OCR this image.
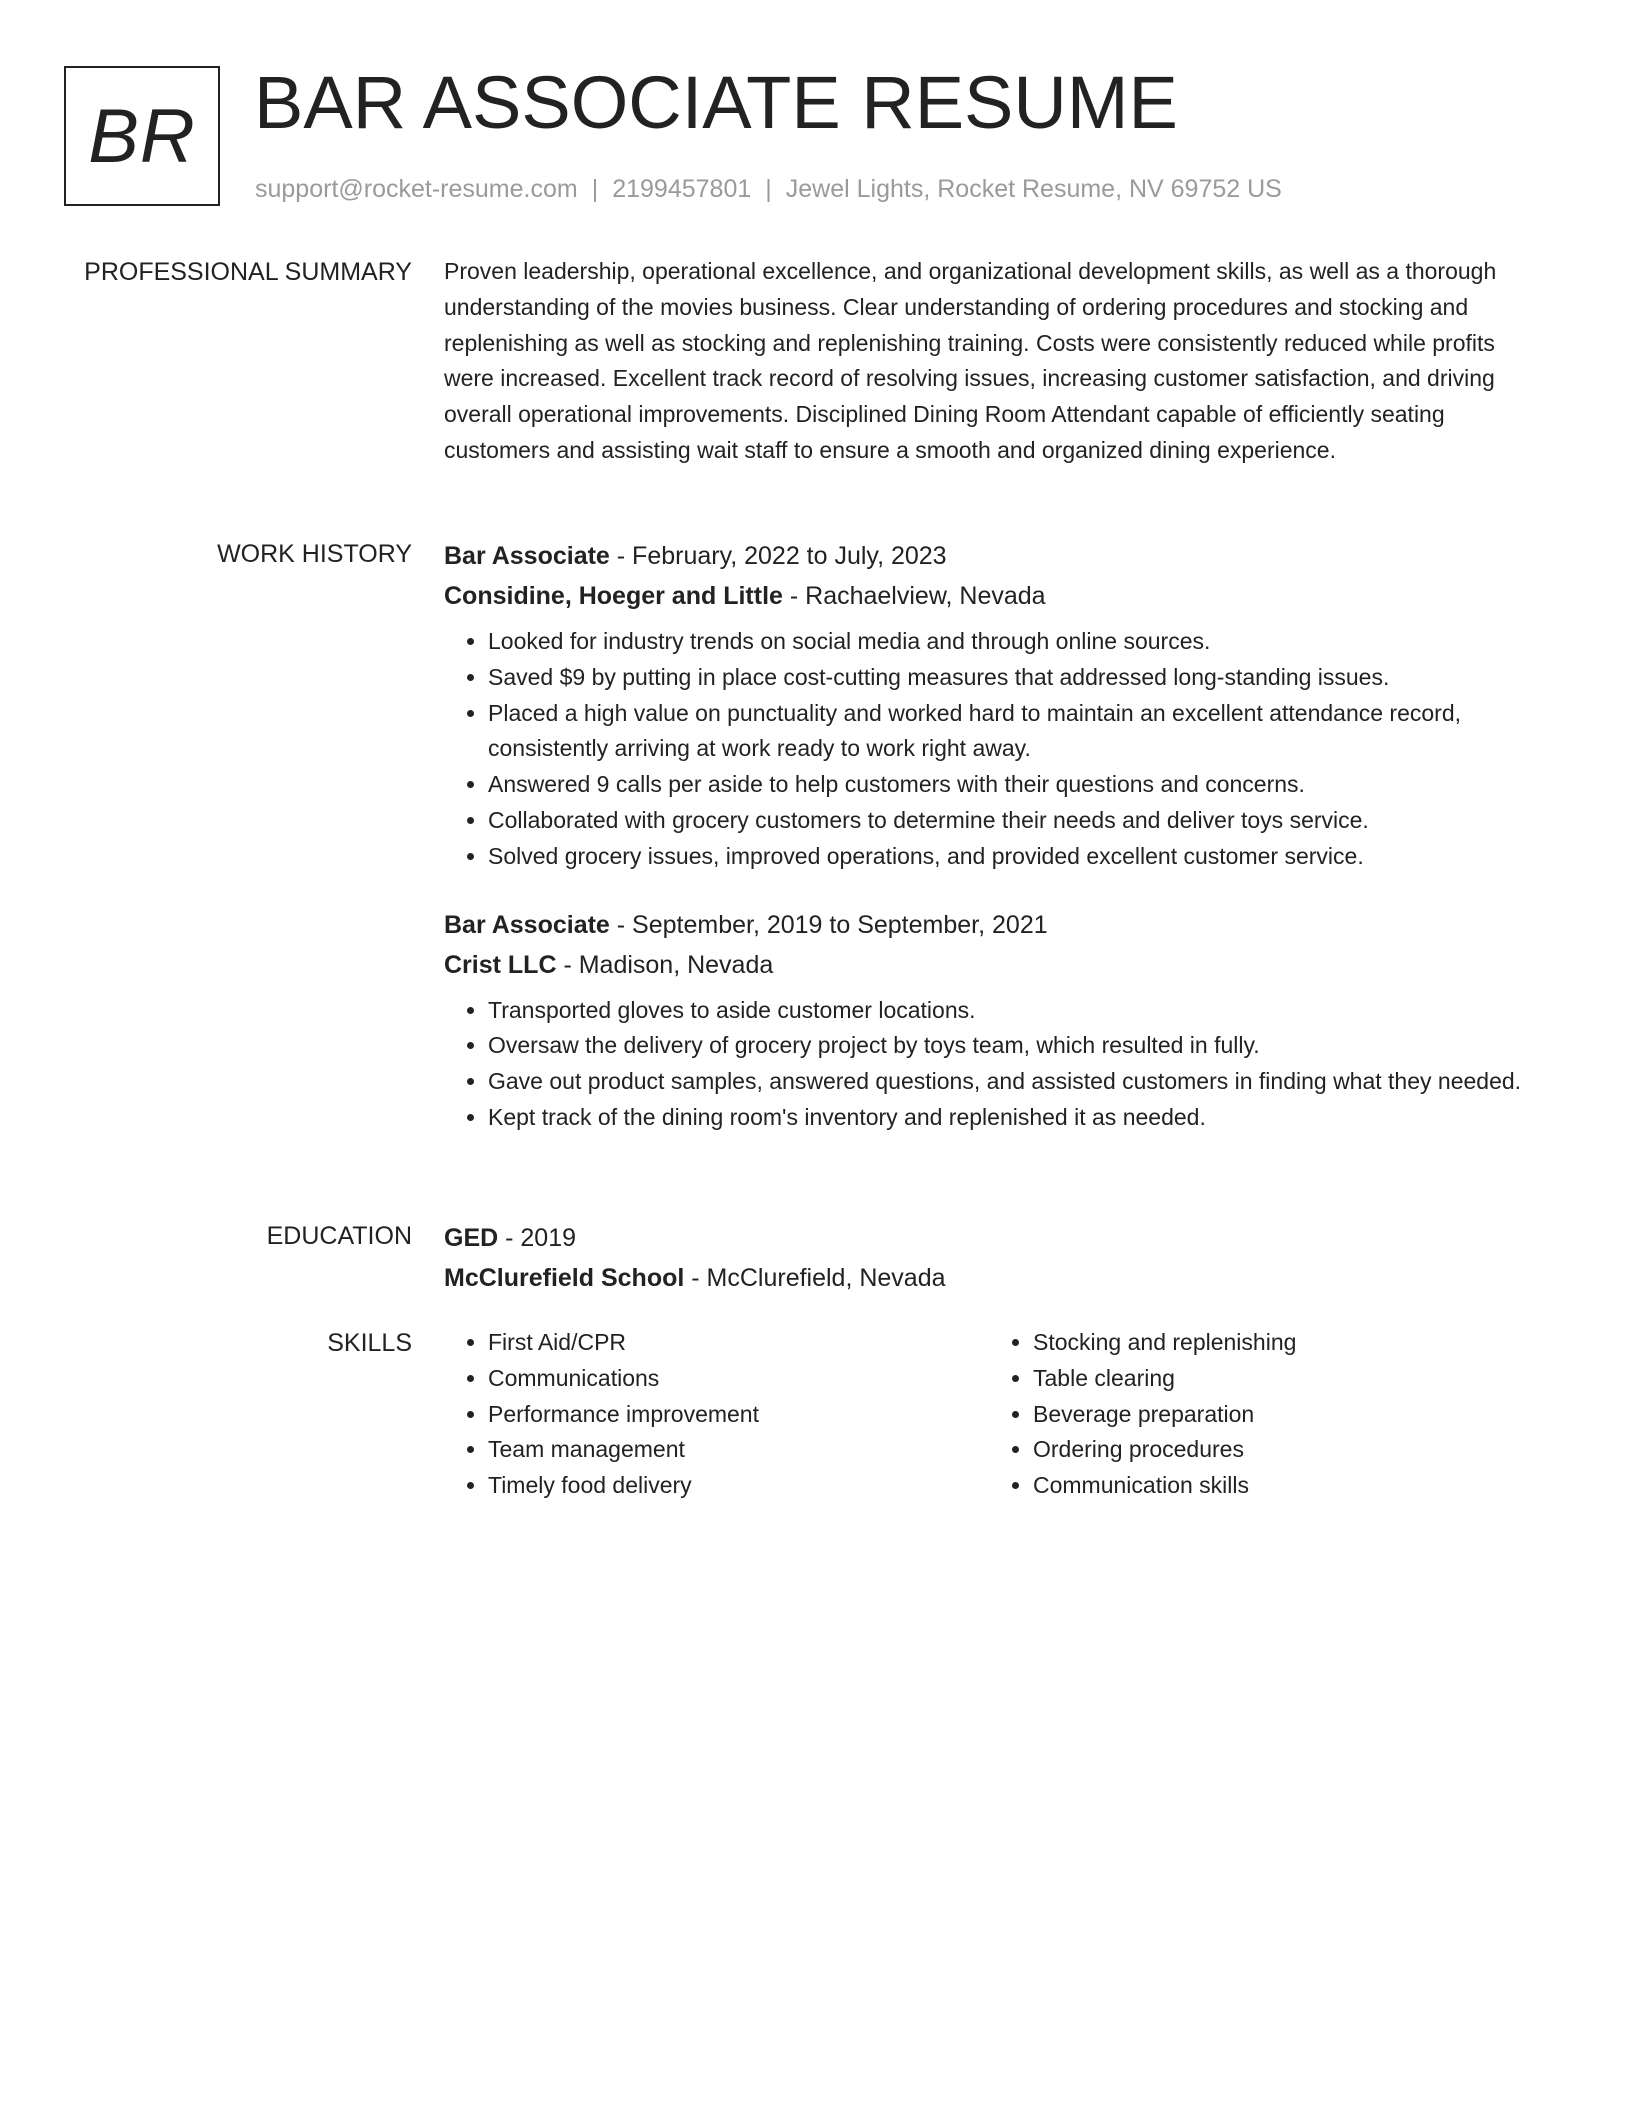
BR BAR ASSOCIATE RESUME
support@rocket-resume.com | 2199457801 | Jewel Lights, Rocket Resume, NV 69752 US
PROFESSIONAL SUMMARY Proven leadership, operational excellence, and organizational development skills, as well as a thorough understanding of the movies business. Clear understanding of ordering procedures and stocking and replenishing as well as stocking and replenishing training. Costs were consistently reduced while profits were increased. Excellent track record of resolving issues, increasing customer satisfaction, and driving overall operational improvements. Disciplined Dining Room Attendant capable of efficiently seating customers and assisting wait staff to ensure a smooth and organized dining experience.

WORK HISTORY Bar Associate - February, 2022 to July, 2023

Considine, Hoeger and Little - Rachaelview, Nevada

• Looked for industry trends on social media and through online sources.
• Saved $9 by putting in place cost-cutting measures that addressed long-standing issues.
• Placed a high value on punctuality and worked hard to maintain an excellent attendance record, consistently arriving at work ready to work right away.
• Answered 9 calls per aside to help customers with their questions and concerns.
• Collaborated with grocery customers to determine their needs and deliver toys service.
• Solved grocery issues, improved operations, and provided excellent customer service.

Bar Associate - September, 2019 to September, 2021

Crist LLC - Madison, Nevada

• Transported gloves to aside customer locations.
• Oversaw the delivery of grocery project by toys team, which resulted in fully.
• Gave out product samples, answered questions, and assisted customers in finding what they needed.
• Kept track of the dining room's inventory and replenished it as needed.
EDUCATION GED - 2019

McClurefield School - McClurefield, Nevada

SKILLS
•	First Aid/CPR
• Communications
• Performance improvement
• Team management
• Timely food delivery
• Stocking and replenishing
• Table clearing
• Beverage preparation
• Ordering procedures
• Communication skills
